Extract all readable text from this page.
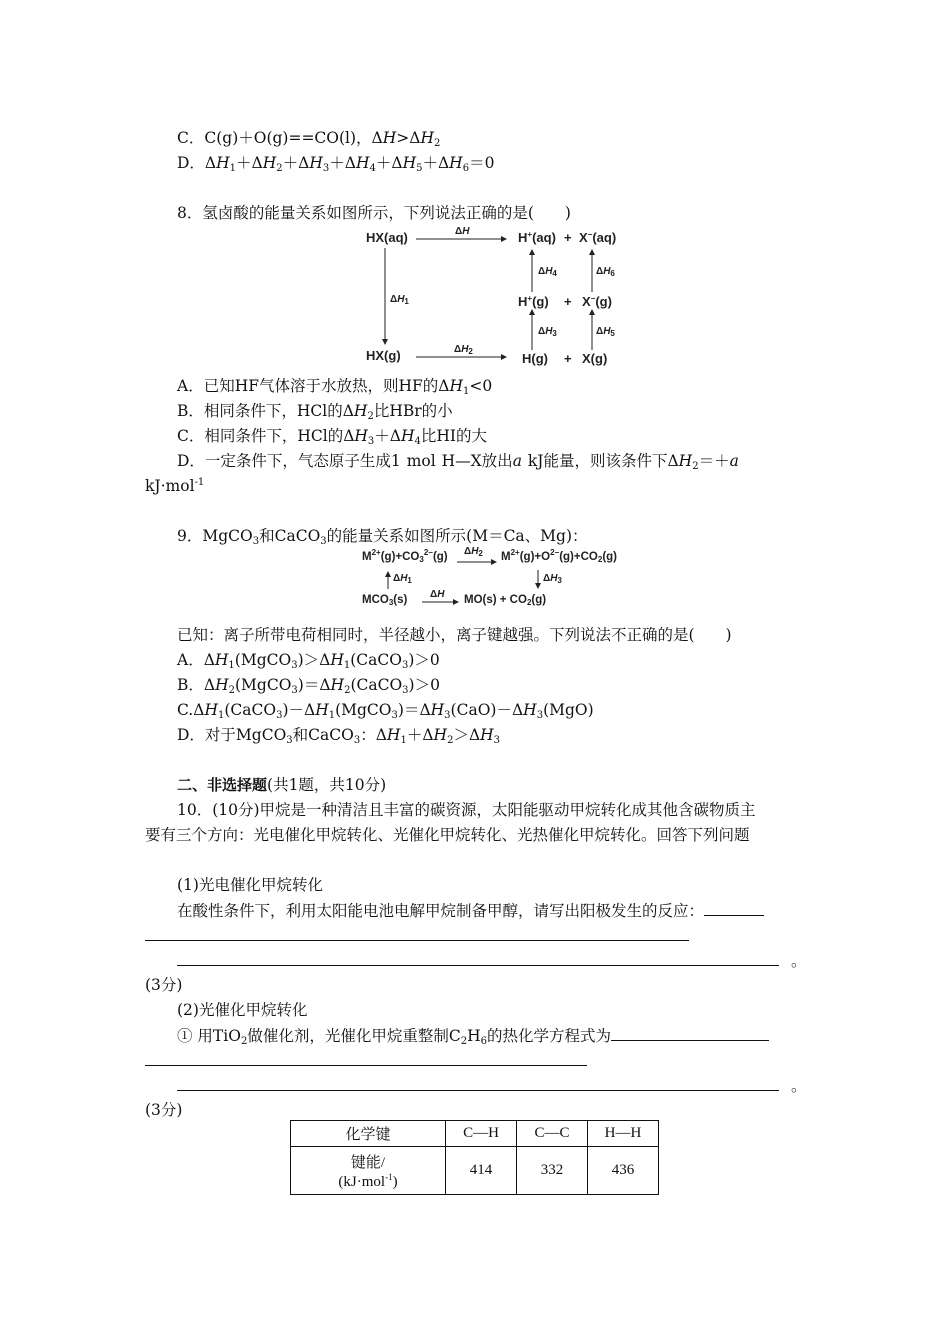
C．C(g)＋O(g)==CO(l)，$\Delta H>\Delta H_2$
D．$\Delta H_1+\Delta H_2+\Delta H_3+\Delta H_4+\Delta H_5+\Delta H_6=0$
8．氢卤酸的能量关系如图所示，下列说法正确的是(　　)
HX(aq)	ΔH	H+(aq) + X−(aq)
$\Delta H_4$	$\Delta H_6$
$\Delta H_1$	H+(g) + X−(g)
$\Delta H_3$	$\Delta H_5$
HX(g)	$\Delta H_2$	H(g) + X(g)
A．已知HF气体溶于水放热，则HF的$\Delta H_1<0$
B．相同条件下，HCl的$\Delta H_2$比HBr的小
C．相同条件下，HCl的$\Delta H_3+\Delta H_4$比HI的大
D．一定条件下，气态原子生成1 mol H—X放出a kJ能量，则该条件下$\Delta H_2=+a$
kJ·mol$^{-1}$
9．MgCO$_3$和CaCO$_3$的能量关系如图所示(M＝Ca、Mg)：
$M^{2+}(g)+CO_3^{2-}(g)$ $\Delta H_2$ $M^{2+}(g)+O^{2-}(g)+CO_2(g)$
$\Delta H_1$	$\Delta H_3$
$MCO_3(s)$ ΔH $MO(s) + CO_2(g)$
已知：离子所带电荷相同时，半径越小，离子键越强。下列说法不正确的是(　　)
A．$\Delta H_1(MgCO_3)>\Delta H_1(CaCO_3)>0$
B．$\Delta H_2(MgCO_3)=\Delta H_2(CaCO_3)>0$
$C.\Delta H_1(CaCO_3)-\Delta H_1(MgCO_3)=\Delta H_3(CaO)-\Delta H_3(MgO)$
D．对于MgCO$_3$和CaCO$_3$：$\Delta H_1+\Delta H_2>\Delta H_3$
二、非选择题(共1题，共10分)
10．(10分)甲烷是一种清洁且丰富的碳资源，太阳能驱动甲烷转化成其他含碳物质主
要有三个方向：光电催化甲烷转化、光催化甲烷转化、光热催化甲烷转化。回答下列问题
(1)光电催化甲烷转化
在酸性条件下，利用太阳能电池电解甲烷制备甲醇，请写出阳极发生的反应：
。
(3分)
(2)光催化甲烷转化
① 用TiO$_2$做催化剂，光催化甲烷重整制$C_2H_6$的热化学方程式为
。
(3分)
化学键	C—H	C—C	H—H
键能/
(kJ·mol$^{-1}$)	414	332	436
